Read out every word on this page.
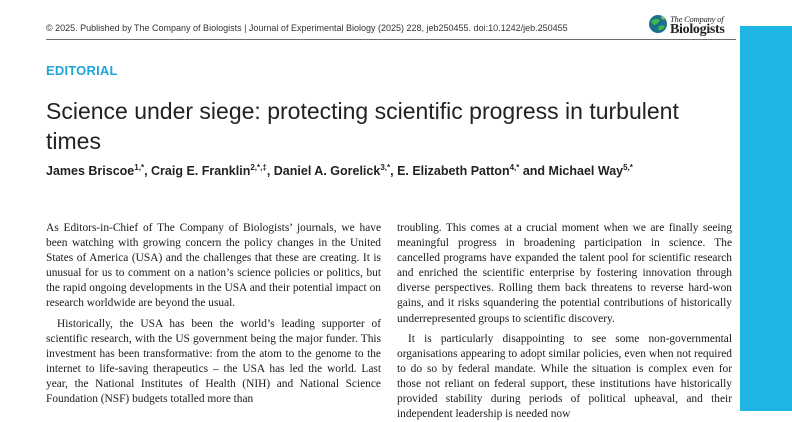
© 2025. Published by The Company of Biologists | Journal of Experimental Biology (2025) 228, jeb250455. doi:10.1242/jeb.250455
The Company of
Biologists
EDITORIAL
Science under siege: protecting scientific progress in turbulent times
James Briscoe$^{1,*}$, Craig E. Franklin$^{2,*,\ddagger}$, Daniel A. Gorelick$^{3,*}$, E. Elizabeth Patton$^{4,*}$ and Michael Way$^{5,*}$

As Editors-in-Chief of The Company of Biologists’ journals, we have been watching with growing concern the policy changes in the United States of America (USA) and the challenges that these are creating. It is unusual for us to comment on a nation’s science policies or politics, but the rapid ongoing developments in the USA and their potential impact on research worldwide are beyond the usual.

Historically, the USA has been the world’s leading supporter of scientific research, with the US government being the major funder. This investment has been transformative: from the atom to the genome to the internet to life-saving therapeutics – the USA has led the world. Last year, the National Institutes of Health (NIH) and National Science Foundation (NSF) budgets totalled more than

troubling. This comes at a crucial moment when we are finally seeing meaningful progress in broadening participation in science. The cancelled programs have expanded the talent pool for scientific research and enriched the scientific enterprise by fostering innovation through diverse perspectives. Rolling them back threatens to reverse hard-won gains, and it risks squandering the potential contributions of historically underrepresented groups to scientific discovery.

It is particularly disappointing to see some non-governmental organisations appearing to adopt similar policies, even when not required to do so by federal mandate. While the situation is complex even for those not reliant on federal support, these institutions have historically provided stability during periods of political upheaval, and their independent leadership is needed now
